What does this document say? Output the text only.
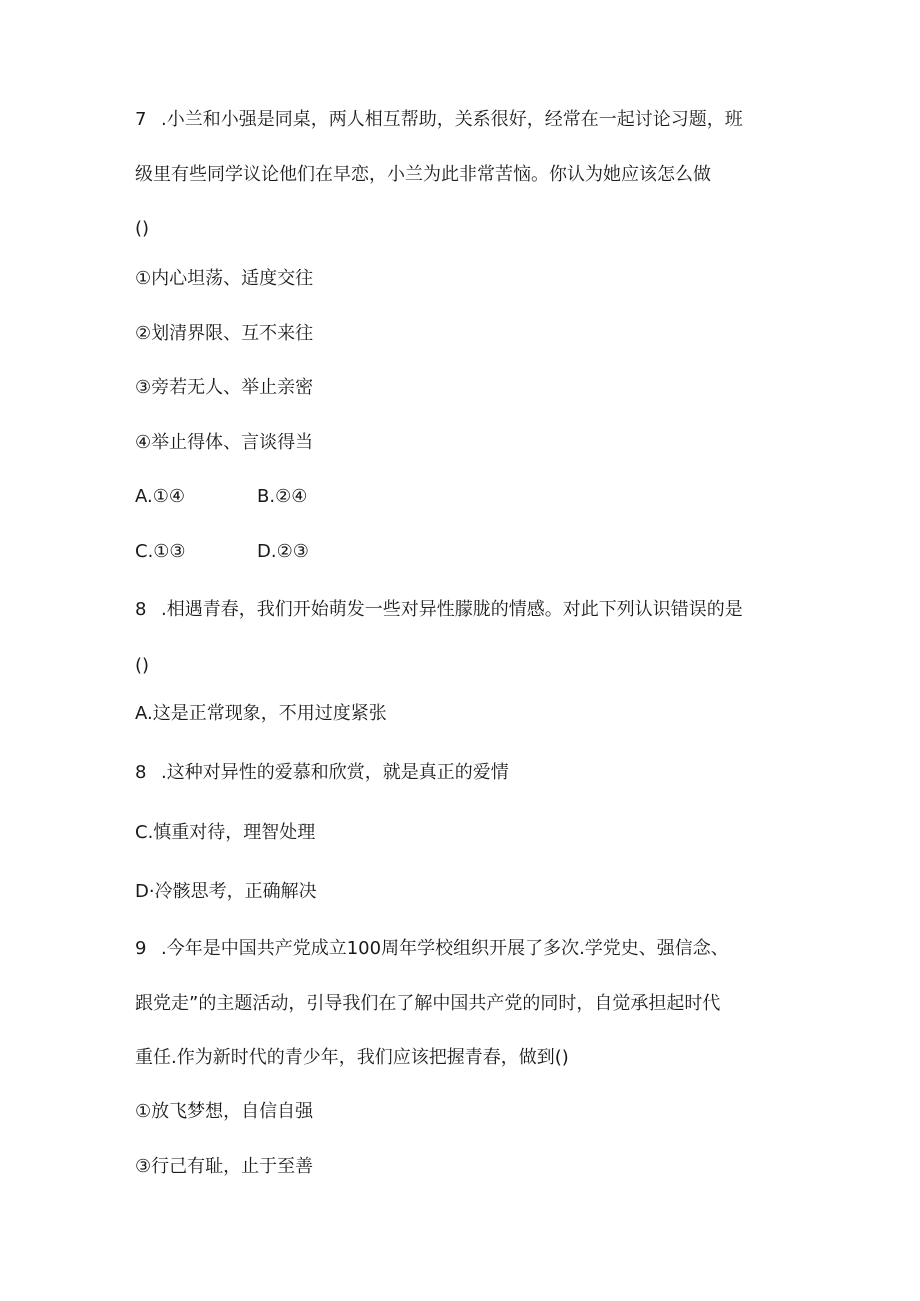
7 .小兰和小强是同桌，两人相互帮助，关系很好，经常在一起讨论习题，班
级里有些同学议论他们在早恋，小兰为此非常苦恼。你认为她应该怎么做
()
①内心坦荡、适度交往
②划清界限、互不来往
③旁若无人、举止亲密
④举止得体、言谈得当
A.①④	B.②④
C.①③	D.②③
8 .相遇青春，我们开始萌发一些对异性朦胧的情感。对此下列认识错误的是
()
A.这是正常现象，不用过度紧张
8 .这种对异性的爱慕和欣赏，就是真正的爱情
C.慎重对待，理智处理
D·冷骸思考，正确解决
9 .今年是中国共产党成立100周年学校组织开展了多次.学党史、强信念、
跟党走”的主题活动，引导我们在了解中国共产党的同时，自觉承担起时代
重任.作为新时代的青少年，我们应该把握青春，做到()
①放飞梦想，自信自强
③行己有耻，止于至善
